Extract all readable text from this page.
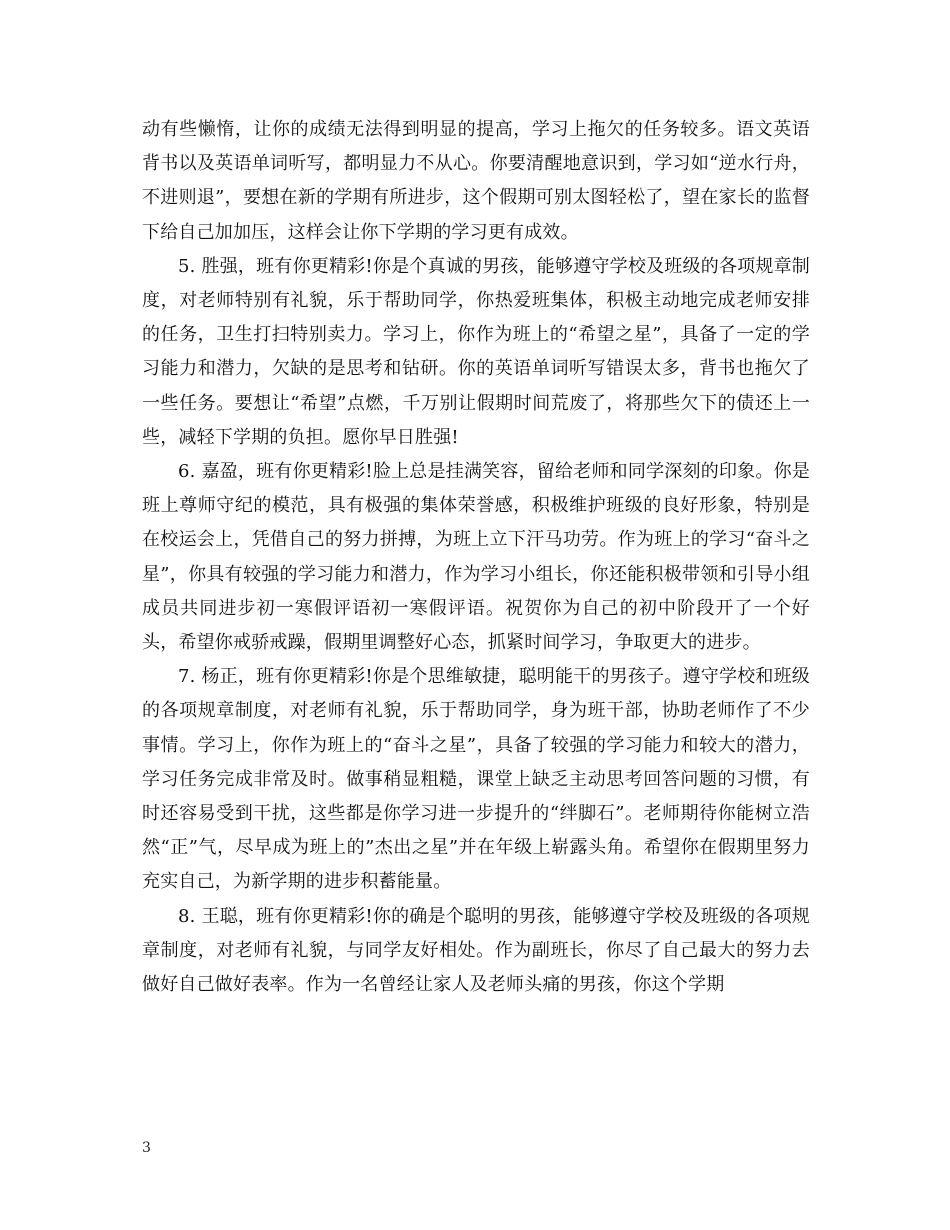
动有些懒惰，让你的成绩无法得到明显的提高，学习上拖欠的任务较多。语文英语背书以及英语单词听写，都明显力不从心。你要清醒地意识到，学习如“逆水行舟，不进则退”，要想在新的学期有所进步，这个假期可别太图轻松了，望在家长的监督下给自己加加压，这样会让你下学期的学习更有成效。

5. 胜强，班有你更精彩!你是个真诚的男孩，能够遵守学校及班级的各项规章制度，对老师特别有礼貌，乐于帮助同学，你热爱班集体，积极主动地完成老师安排的任务，卫生打扫特别卖力。学习上，你作为班上的“希望之星”，具备了一定的学习能力和潜力，欠缺的是思考和钻研。你的英语单词听写错误太多，背书也拖欠了一些任务。要想让“希望”点燃，千万别让假期时间荒废了，将那些欠下的债还上一些，减轻下学期的负担。愿你早日胜强!

6. 嘉盈，班有你更精彩!脸上总是挂满笑容，留给老师和同学深刻的印象。你是班上尊师守纪的模范，具有极强的集体荣誉感，积极维护班级的良好形象，特别是在校运会上，凭借自己的努力拼搏，为班上立下汗马功劳。作为班上的学习“奋斗之星”，你具有较强的学习能力和潜力，作为学习小组长，你还能积极带领和引导小组成员共同进步初一寒假评语初一寒假评语。祝贺你为自己的初中阶段开了一个好头，希望你戒骄戒躁，假期里调整好心态，抓紧时间学习，争取更大的进步。

7. 杨正，班有你更精彩!你是个思维敏捷，聪明能干的男孩子。遵守学校和班级的各项规章制度，对老师有礼貌，乐于帮助同学，身为班干部，协助老师作了不少事情。学习上，你作为班上的“奋斗之星”，具备了较强的学习能力和较大的潜力，学习任务完成非常及时。做事稍显粗糙，课堂上缺乏主动思考回答问题的习惯，有时还容易受到干扰，这些都是你学习进一步提升的“绊脚石”。老师期待你能树立浩然“正”气，尽早成为班上的”杰出之星”并在年级上崭露头角。希望你在假期里努力充实自己，为新学期的进步积蓄能量。

8. 王聪，班有你更精彩!你的确是个聪明的男孩，能够遵守学校及班级的各项规章制度，对老师有礼貌，与同学友好相处。作为副班长，你尽了自己最大的努力去做好自己做好表率。作为一名曾经让家人及老师头痛的男孩，你这个学期

3
